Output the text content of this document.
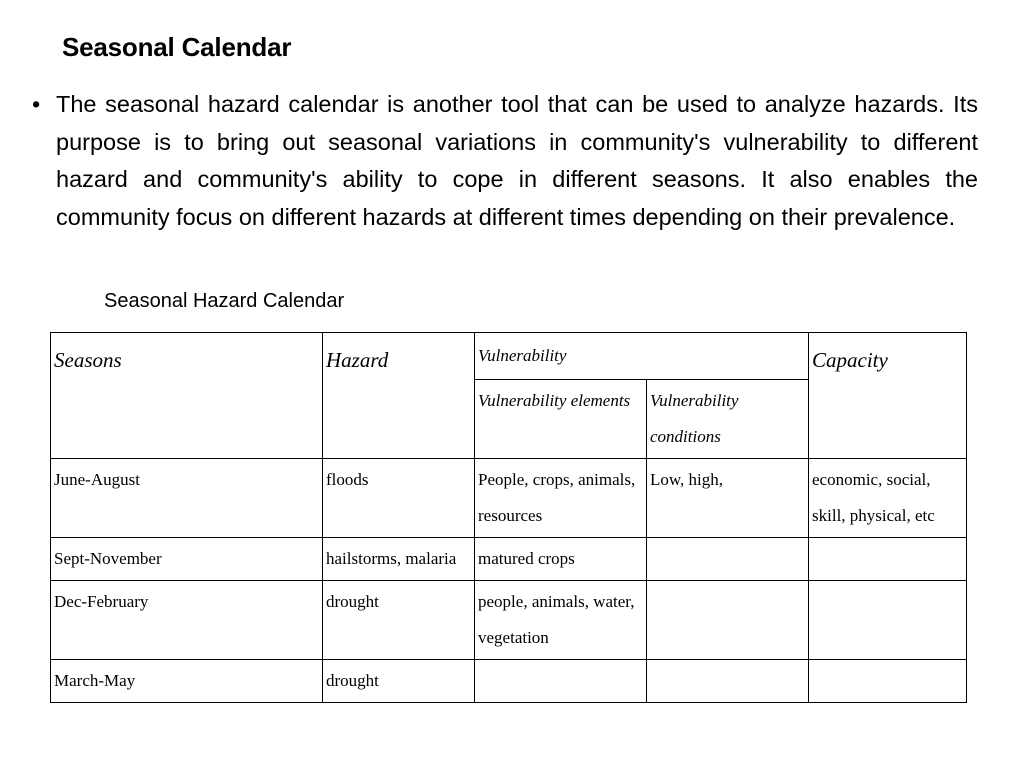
Seasonal Calendar
• The seasonal hazard calendar is another tool that can be used to analyze hazards. Its purpose is to bring out seasonal variations in community's vulnerability to different hazard and community's ability to cope in different seasons. It also enables the community focus on different hazards at different times depending on their prevalence.
Seasonal Hazard Calendar
Seasons	Hazard	Vulnerability		Capacity
		Vulnerability elements	Vulnerability conditions	
June-August	floods	People, crops, animals, resources	Low, high,	economic, social, skill, physical, etc
Sept-November	hailstorms, malaria	matured crops		
Dec-February	drought	people, animals, water, vegetation		
March-May	drought			
